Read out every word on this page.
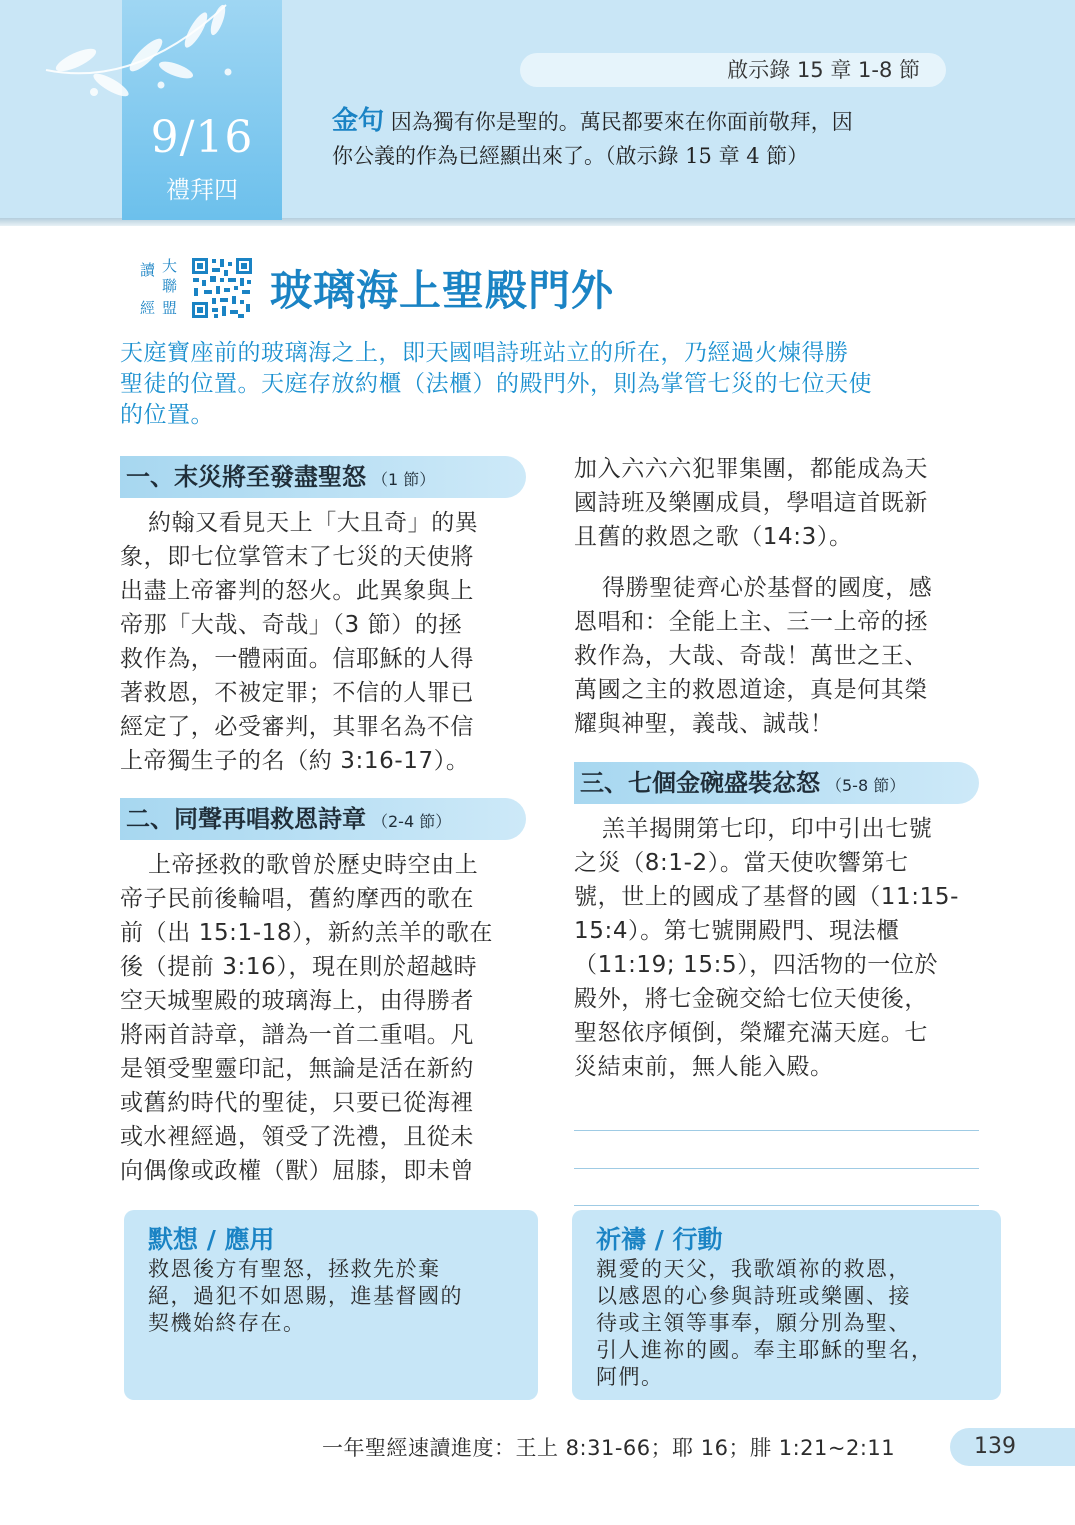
9/16
禮拜四
啟示錄 15 章 1-8 節
金句 因為獨有你是聖的。萬民都要來在你面前敬拜，因
你公義的作為已經顯出來了。（啟示錄 15 章 4 節）
讀 大
聯
經 盟 玻璃海上聖殿門外
天庭寶座前的玻璃海之上，即天國唱詩班站立的所在，乃經過火煉得勝
聖徒的位置。天庭存放約櫃（法櫃）的殿門外，則為掌管七災的七位天使
的位置。
一、末災將至發盡聖怒 （1 節）
約翰又看見天上「大且奇」的異
象，即七位掌管末了七災的天使將
出盡上帝審判的怒火。此異象與上
帝那「大哉、奇哉」（3 節）的拯
救作為，一體兩面。信耶穌的人得
著救恩，不被定罪；不信的人罪已
經定了，必受審判，其罪名為不信
上帝獨生子的名（約 3:16-17）。
二、同聲再唱救恩詩章 （2-4 節）
上帝拯救的歌曾於歷史時空由上
帝子民前後輪唱，舊約摩西的歌在
前（出 15:1-18），新約羔羊的歌在
後（提前 3:16），現在則於超越時
空天城聖殿的玻璃海上，由得勝者
將兩首詩章，譜為一首二重唱。凡
是領受聖靈印記，無論是活在新約
或舊約時代的聖徒，只要已從海裡
或水裡經過，領受了洗禮，且從未
向偶像或政權（獸）屈膝，即未曾
加入六六六犯罪集團，都能成為天
國詩班及樂團成員，學唱這首既新
且舊的救恩之歌（14:3）。
得勝聖徒齊心於基督的國度，感
恩唱和：全能上主、三一上帝的拯
救作為，大哉、奇哉！萬世之王、
萬國之主的救恩道途，真是何其榮
耀與神聖，義哉、誠哉！
三、七個金碗盛裝忿怒 （5-8 節）
羔羊揭開第七印，印中引出七號
之災（8:1-2）。當天使吹響第七
號，世上的國成了基督的國（11:15-
15:4）。第七號開殿門、現法櫃
（11:19; 15:5），四活物的一位於
殿外，將七金碗交給七位天使後，
聖怒依序傾倒，榮耀充滿天庭。七
災結束前，無人能入殿。
默想 / 應用
救恩後方有聖怒，拯救先於棄
絕，過犯不如恩賜，進基督國的
契機始終存在。
祈禱 / 行動
親愛的天父，我歌頌祢的救恩，
以感恩的心參與詩班或樂團、接
待或主領等事奉，願分別為聖、
引人進祢的國。奉主耶穌的聖名，
阿們。
一年聖經速讀進度：王上 8:31-66；耶 16；腓 1:21~2:11	139
